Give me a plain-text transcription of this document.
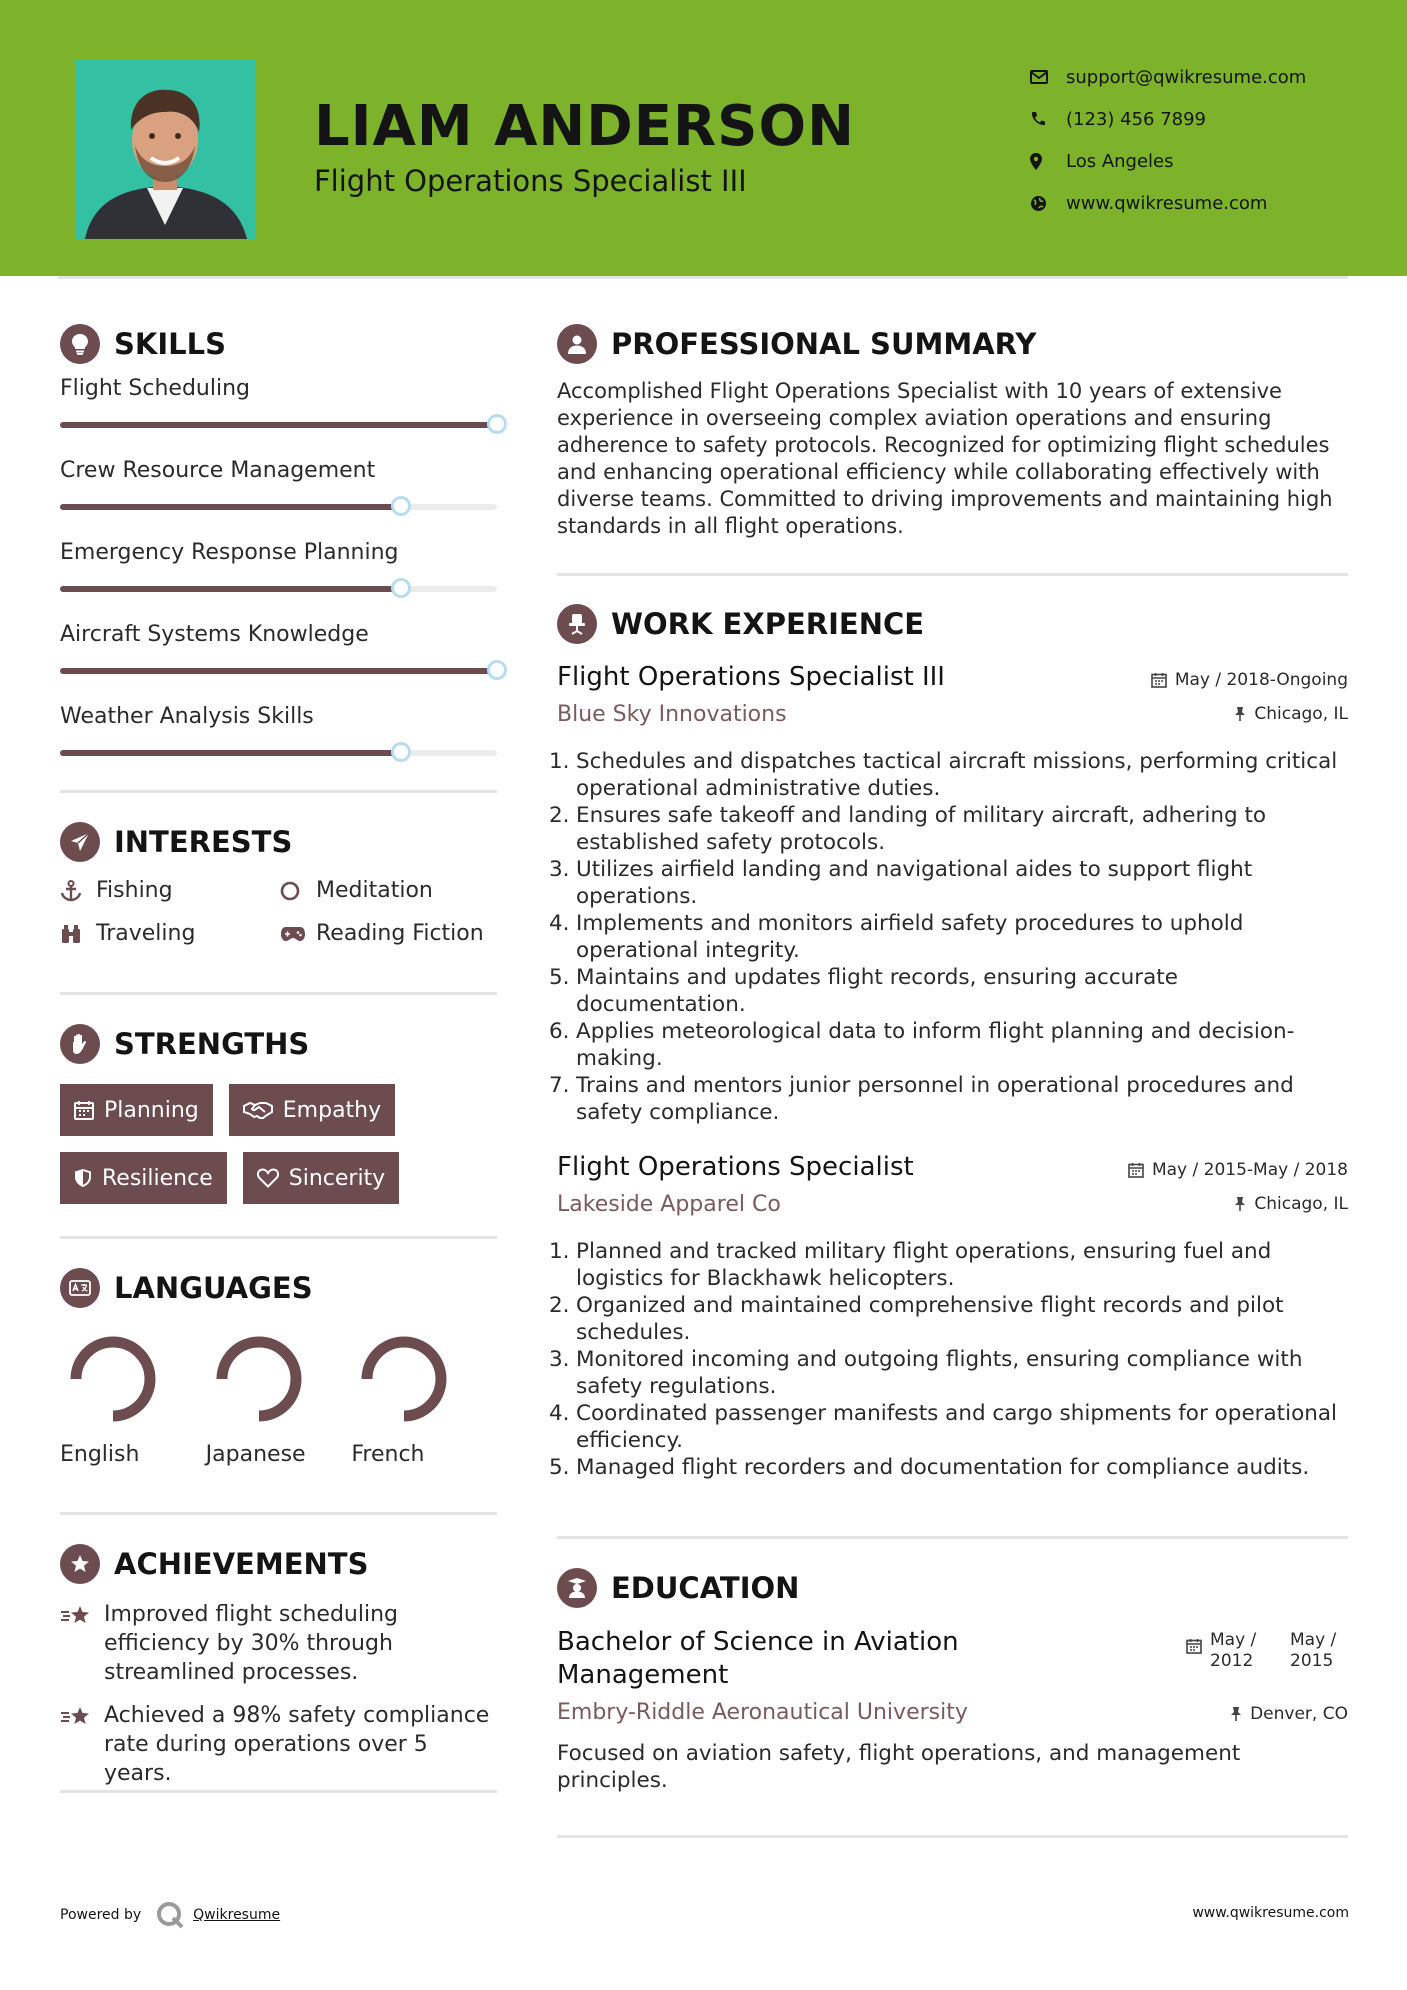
LIAM ANDERSON
Flight Operations Specialist III
support@qwikresume.com
(123) 456 7899
Los Angeles
www.qwikresume.com
SKILLS
Flight Scheduling
Crew Resource Management
Emergency Response Planning
Aircraft Systems Knowledge
Weather Analysis Skills
INTERESTS
Fishing	Meditation
Traveling	Reading Fiction
STRENGTHS
Planning	Empathy
Resilience	Sincerity
LANGUAGES
English	Japanese	French
ACHIEVEMENTS
Improved flight scheduling efficiency by 30% through streamlined processes.
Achieved a 98% safety compliance rate during operations over 5 years.
PROFESSIONAL SUMMARY
Accomplished Flight Operations Specialist with 10 years of extensive experience in overseeing complex aviation operations and ensuring adherence to safety protocols. Recognized for optimizing flight schedules and enhancing operational efficiency while collaborating effectively with diverse teams. Committed to driving improvements and maintaining high standards in all flight operations.
WORK EXPERIENCE
Flight Operations Specialist III
Blue Sky Innovations
May / 2018-Ongoing
Chicago, IL
1. Schedules and dispatches tactical aircraft missions, performing critical operational administrative duties.
2. Ensures safe takeoff and landing of military aircraft, adhering to established safety protocols.
3. Utilizes airfield landing and navigational aides to support flight operations.
4. Implements and monitors airfield safety procedures to uphold operational integrity.
5. Maintains and updates flight records, ensuring accurate documentation.
6. Applies meteorological data to inform flight planning and decision-making.
7. Trains and mentors junior personnel in operational procedures and safety compliance.
Flight Operations Specialist
Lakeside Apparel Co
May / 2015-May / 2018
Chicago, IL
1. Planned and tracked military flight operations, ensuring fuel and logistics for Blackhawk helicopters.
2. Organized and maintained comprehensive flight records and pilot schedules.
3. Monitored incoming and outgoing flights, ensuring compliance with safety regulations.
4. Coordinated passenger manifests and cargo shipments for operational efficiency.
5. Managed flight recorders and documentation for compliance audits.
EDUCATION
Bachelor of Science in Aviation Management
Embry-Riddle Aeronautical University
May / 2012
May / 2015
Denver, CO
Focused on aviation safety, flight operations, and management principles.
Powered by	Qwikresume	www.qwikresume.com
